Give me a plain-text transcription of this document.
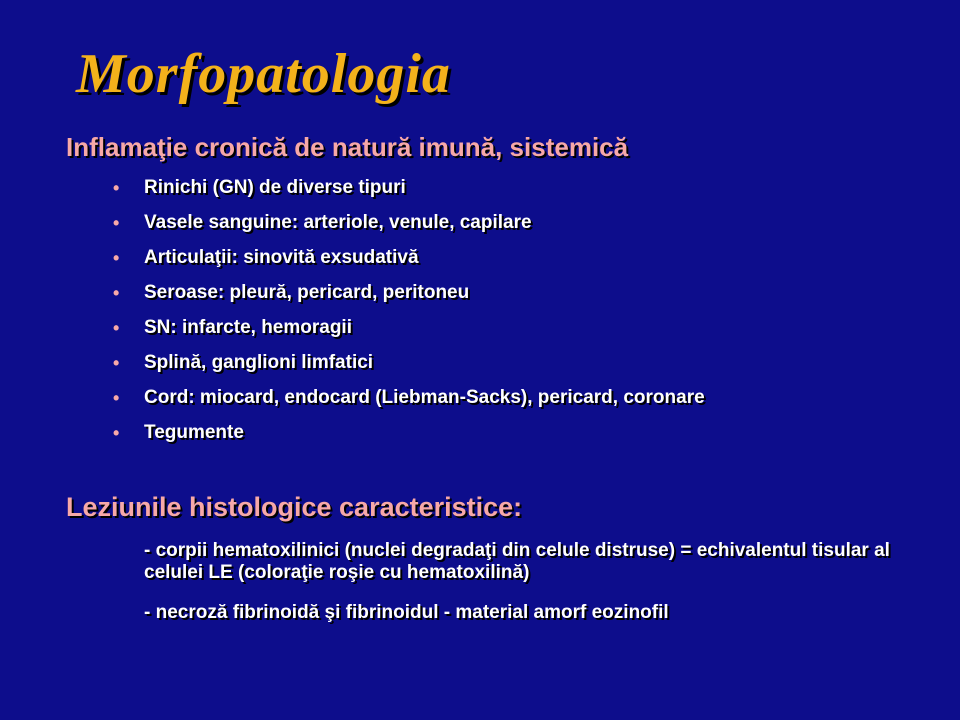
Morfopatologia
Inflamaţie cronică de natură imună, sistemică
• Rinichi (GN) de diverse tipuri
• Vasele sanguine: arteriole, venule, capilare
• Articulaţii: sinovită exsudativă
• Seroase: pleură, pericard, peritoneu
• SN: infarcte, hemoragii
• Splină, ganglioni limfatici
• Cord: miocard, endocard (Liebman-Sacks), pericard, coronare
• Tegumente
Leziunile histologice caracteristice:

- corpii hematoxilinici (nuclei degradaţi din celule distruse) = echivalentul tisular al celulei LE (coloraţie roşie cu hematoxilină)

- necroză fibrinoidă şi fibrinoidul - material amorf eozinofil
